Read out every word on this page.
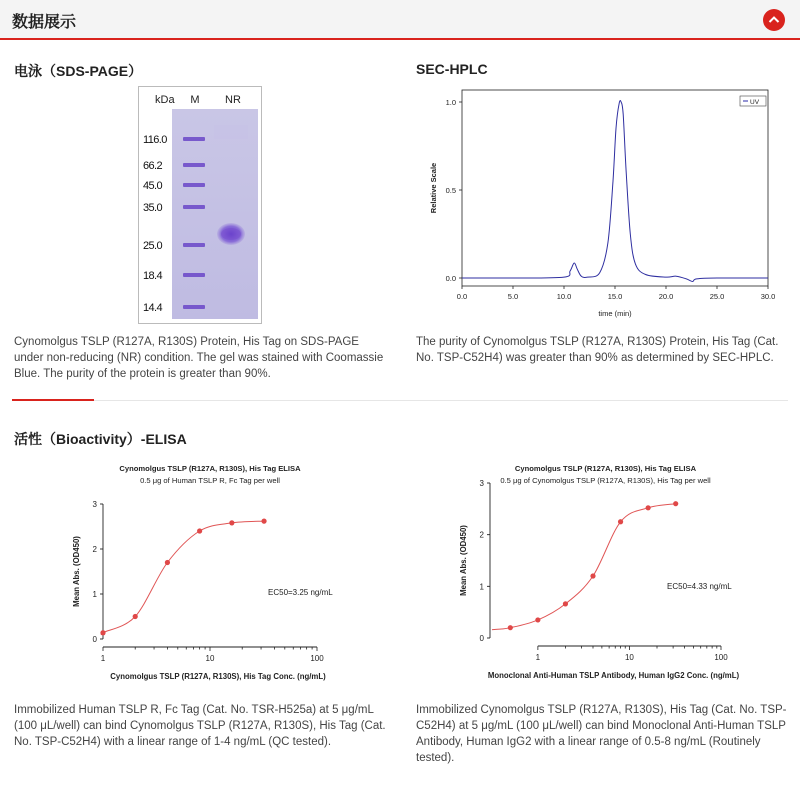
数据展示
电泳（SDS-PAGE）
kDa M NR
116.0
66.2
45.0
35.0
25.0
18.4
14.4
Cynomolgus TSLP (R127A, R130S) Protein, His Tag on SDS-PAGE under non-reducing (NR) condition. The gel was stained with Coomassie Blue. The purity of the protein is greater than 90%.
SEC-HPLC
0.0
0.5
1.0
0.0	5.0	10.0	15.0	20.0	25.0	30.0
Relative Scale
time (min)
UV
The purity of Cynomolgus TSLP (R127A, R130S) Protein, His Tag (Cat. No. TSP-C52H4) was greater than 90% as determined by SEC-HPLC.
活性（Bioactivity）-ELISA
Cynomolgus TSLP (R127A, R130S), His Tag ELISA
0.5 μg of Human TSLP R, Fc Tag per well
0
1
2
3
1	10	100
Mean Abs. (OD450)
Cynomolgus TSLP (R127A, R130S), His Tag Conc. (ng/mL)
EC50=3.25 ng/mL
Cynomolgus TSLP (R127A, R130S), His Tag ELISA
0.5 μg of Cynomolgus TSLP (R127A, R130S), His Tag per well
0
1
2
3
1	10	100
Mean Abs. (OD450)
Monoclonal Anti-Human TSLP Antibody, Human IgG2 Conc. (ng/mL)
EC50=4.33 ng/mL
Immobilized Human TSLP R, Fc Tag (Cat. No. TSR-H525a) at 5 μg/mL (100 μL/well) can bind Cynomolgus TSLP (R127A, R130S), His Tag (Cat. No. TSP-C52H4) with a linear range of 1-4 ng/mL (QC tested).
Immobilized Cynomolgus TSLP (R127A, R130S), His Tag (Cat. No. TSP-C52H4) at 5 μg/mL (100 μL/well) can bind Monoclonal Anti-Human TSLP Antibody, Human IgG2 with a linear range of 0.5-8 ng/mL (Routinely tested).
